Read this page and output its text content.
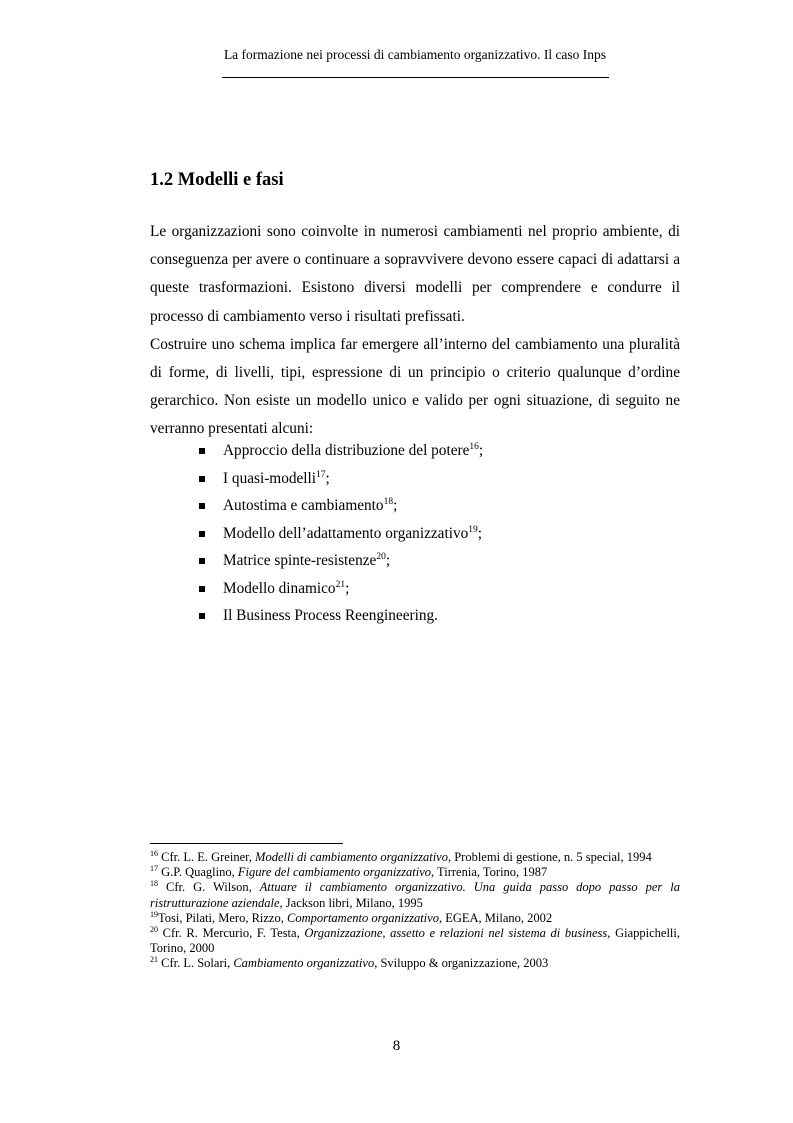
La formazione nei processi di cambiamento organizzativo. Il caso Inps
1.2 Modelli e fasi

Le organizzazioni sono coinvolte in numerosi cambiamenti nel proprio ambiente, di conseguenza per avere o continuare a sopravvivere devono essere capaci di adattarsi a queste trasformazioni. Esistono diversi modelli per comprendere e condurre il processo di cambiamento verso i risultati prefissati.

Costruire uno schema implica far emergere all’interno del cambiamento una pluralità di forme, di livelli, tipi, espressione di un principio o criterio qualunque d’ordine gerarchico. Non esiste un modello unico e valido per ogni situazione, di seguito ne verranno presentati alcuni:

Approccio della distribuzione del potere$^{16}$;
I quasi-modelli$^{17}$;
Autostima e cambiamento$^{18}$;
Modello dell’adattamento organizzativo$^{19}$;
Matrice spinte-resistenze$^{20}$;
Modello dinamico$^{21}$;
Il Business Process Reengineering.

$^{16}$ Cfr. L. E. Greiner, Modelli di cambiamento organizzativo, Problemi di gestione, n. 5 special, 1994

$^{17}$ G.P. Quaglino, Figure del cambiamento organizzativo, Tirrenia, Torino, 1987

$^{18}$ Cfr. G. Wilson, Attuare il cambiamento organizzativo. Una guida passo dopo passo per la ristrutturazione aziendale, Jackson libri, Milano, 1995

$^{19}$Tosi, Pilati, Mero, Rizzo, Comportamento organizzativo, EGEA, Milano, 2002

$^{20}$ Cfr. R. Mercurio, F. Testa, Organizzazione, assetto e relazioni nel sistema di business, Giappichelli, Torino, 2000

$^{21}$ Cfr. L. Solari, Cambiamento organizzativo, Sviluppo & organizzazione, 2003

8
